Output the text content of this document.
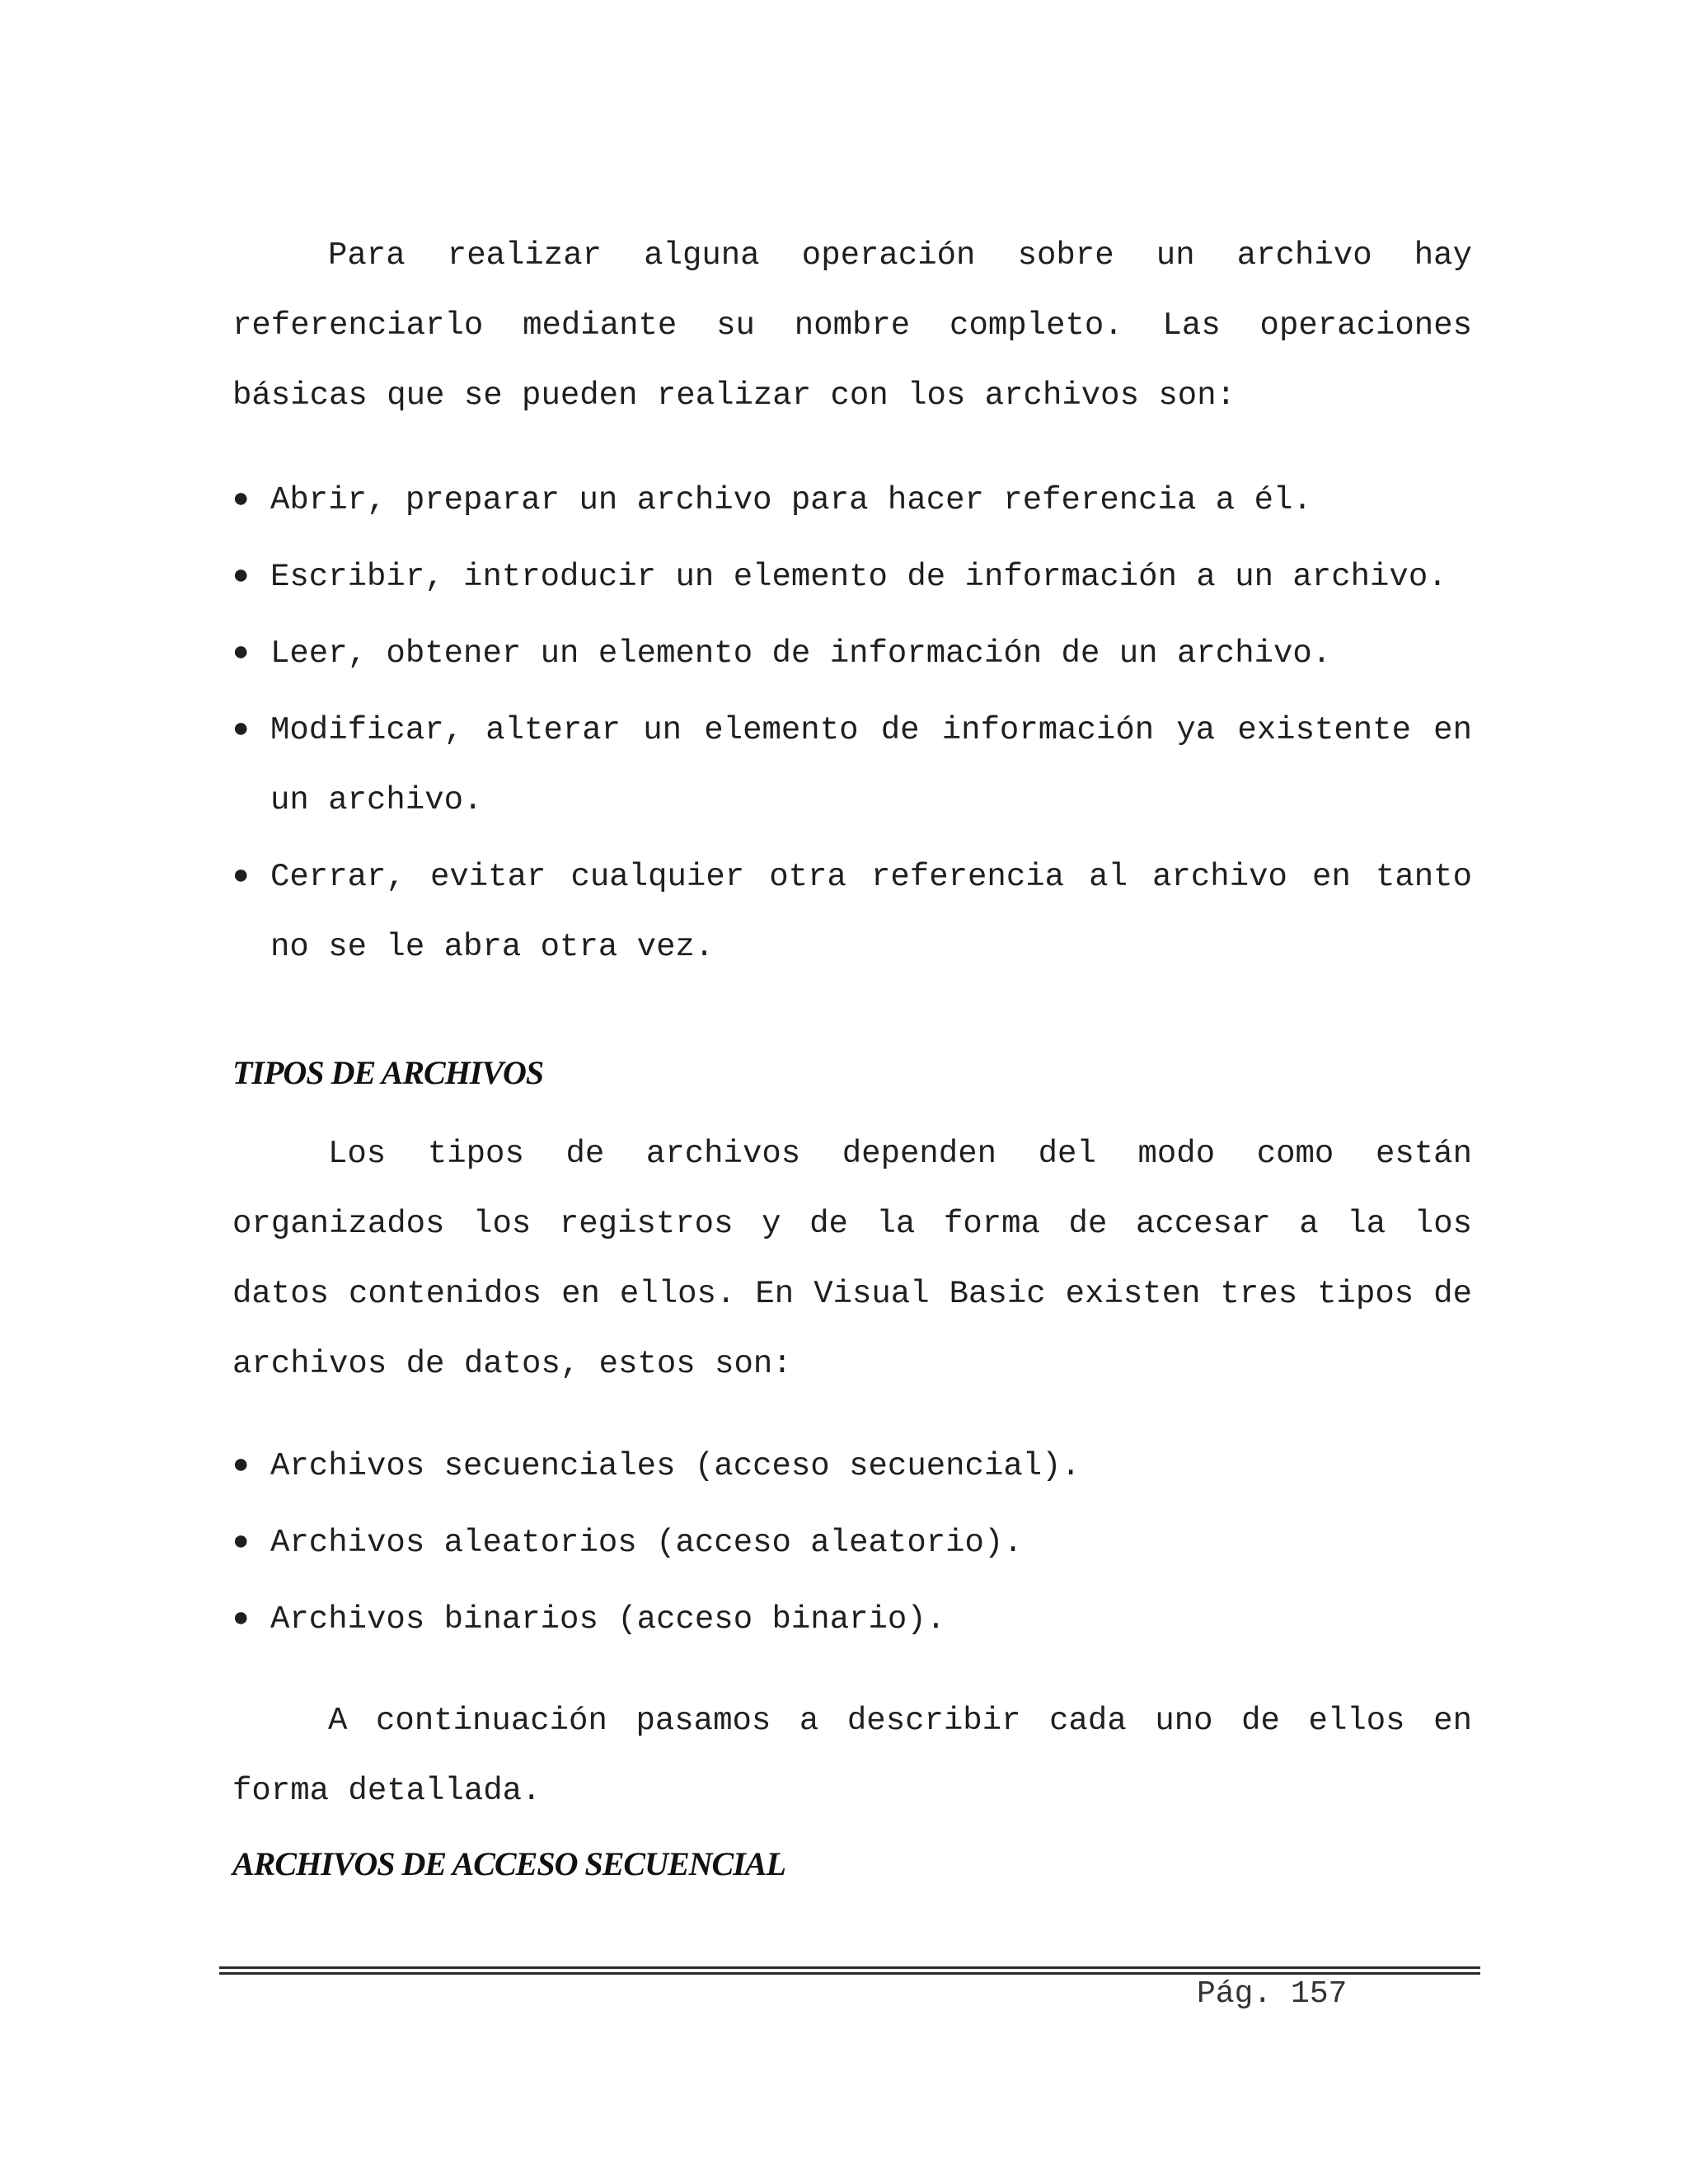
Para realizar alguna operación sobre un archivo hay referenciarlo mediante su nombre completo. Las operaciones básicas que se pueden realizar con los archivos son:

● Abrir, preparar un archivo para hacer referencia a él.
● Escribir, introducir un elemento de información a un archivo.
● Leer, obtener un elemento de información de un archivo.
● Modificar, alterar un elemento de información ya existente en un archivo.
● Cerrar, evitar cualquier otra referencia al archivo en tanto no se le abra otra vez.
TIPOS DE ARCHIVOS

Los tipos de archivos dependen del modo como están organizados los registros y de la forma de accesar a la los datos contenidos en ellos. En Visual Basic existen tres tipos de archivos de datos, estos son:

● Archivos secuenciales (acceso secuencial).
● Archivos aleatorios (acceso aleatorio).
● Archivos binarios (acceso binario).

A continuación pasamos a describir cada uno de ellos en forma detallada.

ARCHIVOS DE ACCESO SECUENCIAL
Pág. 157
